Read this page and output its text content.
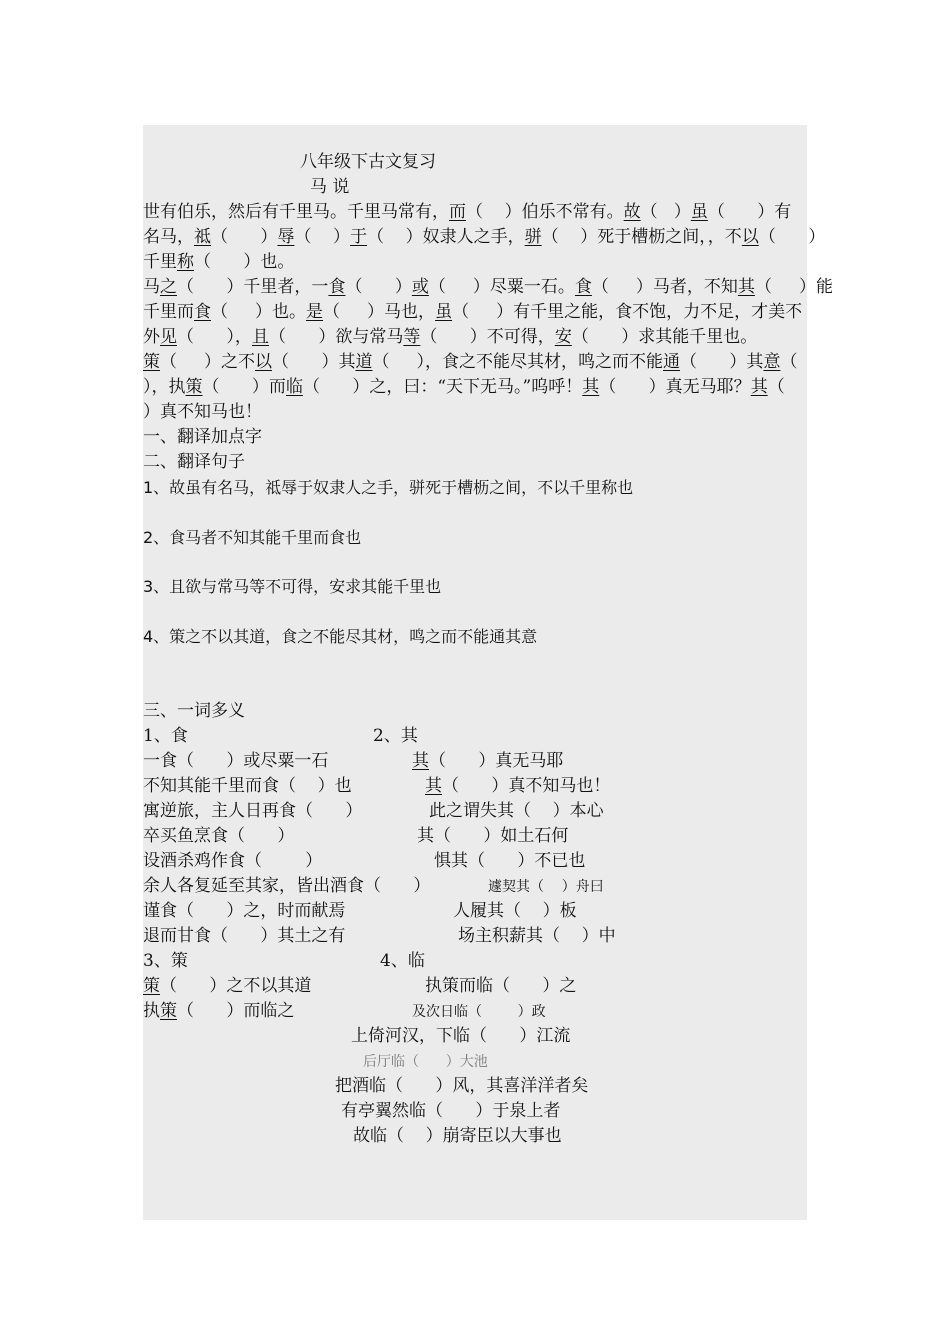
八年级下古文复习
马 说
世有伯乐，然后有千里马。千里马常有，而（    ）伯乐不常有。故（   ）虽（      ）有
名马，祗（      ）辱（    ）于（    ）奴隶人之手，骈（    ）死于槽枥之间，，不以（      ）
千里称（      ）也。
马之（      ）千里者，一食（      ）或（     ）尽粟一石。食（     ）马者，不知其（     ）能
千里而食（     ）也。是（     ）马也，虽（     ）有千里之能，食不饱，力不足，才美不
外见（      ），且（      ）欲与常马等（      ）不可得，安（      ）求其能千里也。
策（     ）之不以（      ）其道（     ），食之不能尽其材，鸣之而不能通（      ）其意（
），执策（      ）而临（      ）之，曰：“天下无马。”呜呼！其（      ）真无马耶？其（
）真不知马也！
一、翻译加点字
二、翻译句子
1、故虽有名马，祗辱于奴隶人之手，骈死于槽枥之间，不以千里称也
2、食马者不知其能千里而食也
3、且欲与常马等不可得，安求其能千里也
4、策之不以其道，食之不能尽其材，鸣之而不能通其意
三、一词多义
1、食	2、其
一食（      ）或尽粟一石
不知其能千里而食（    ）也
寓逆旅，主人日再食（      ）
卒买鱼烹食（      ）
设酒杀鸡作食（        ）
余人各复延至其家，皆出酒食（      ）
谨食（      ）之，时而献焉
退而甘食（      ）其土之有
其（      ）真无马耶
其（      ）真不知马也！
此之谓失其（    ）本心
其（      ）如土石何
惧其（      ）不已也
遽契其（    ）舟曰
人履其（    ）板
场主积薪其（    ）中
3、策	4、临
策（      ）之不以其道
执策（      ）而临之
执策而临（      ）之
及次日临（        ）政
上倚河汉，下临（      ）江流
后厅临（      ）大池
把酒临（      ）风，其喜洋洋者矣
有亭翼然临（      ）于泉上者
故临（    ）崩寄臣以大事也
